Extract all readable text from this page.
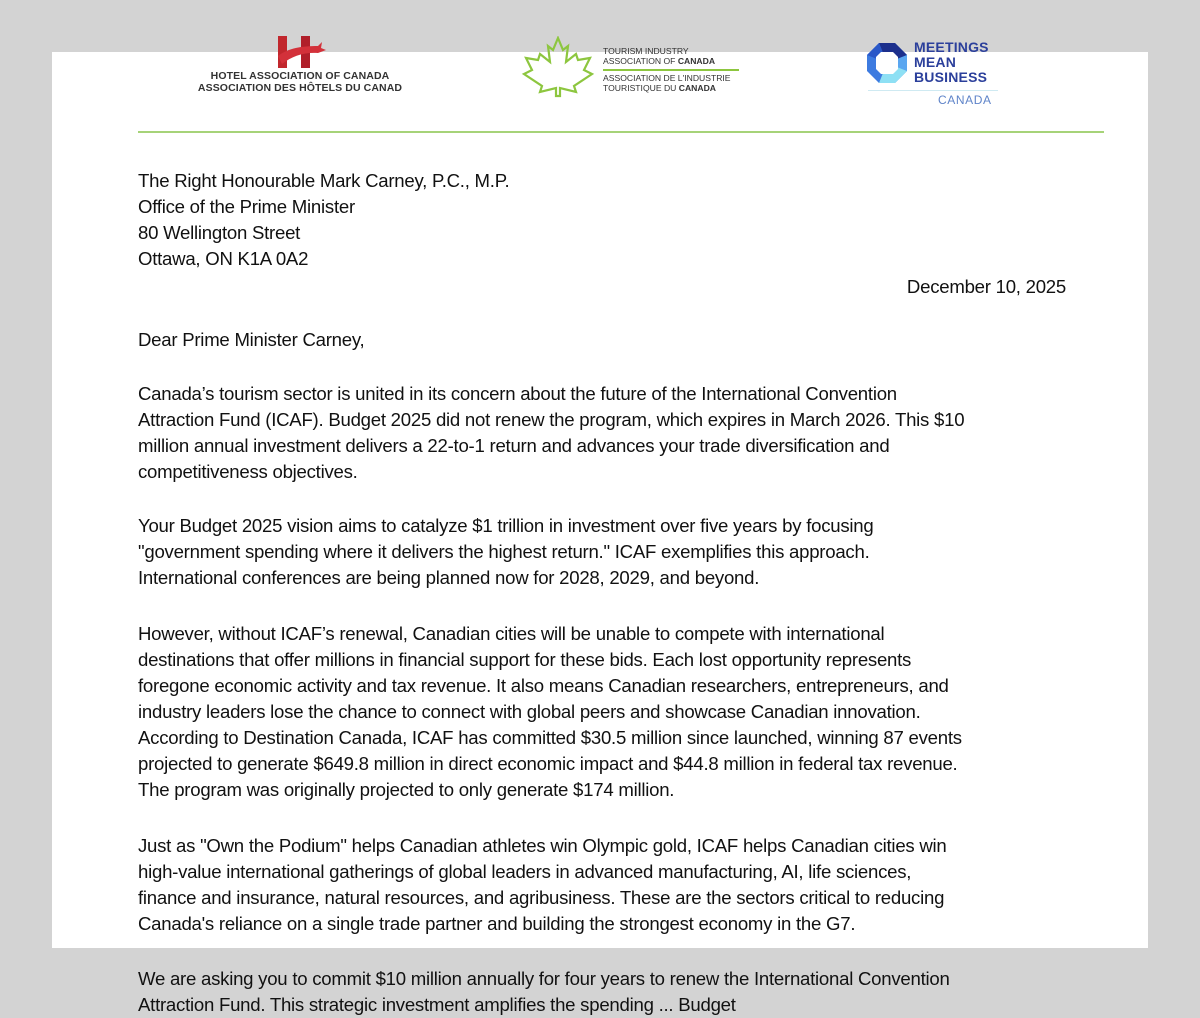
HOTEL ASSOCIATION OF CANADA
ASSOCIATION DES HÔTELS DU CANAD
TOURISM INDUSTRY
ASSOCIATION OF CANADA
ASSOCIATION DE L'INDUSTRIE
TOURISTIQUE DU CANADA
MEETINGS
MEAN
BUSINESS
CANADA

The Right Honourable Mark Carney, P.C., M.P.

Office of the Prime Minister

80 Wellington Street

Ottawa, ON K1A 0A2

December 10, 2025
Dear Prime Minister Carney,

Canada’s tourism sector is united in its concern about the future of the International Convention

Attraction Fund (ICAF). Budget 2025 did not renew the program, which expires in March 2026. This $10

million annual investment delivers a 22-to-1 return and advances your trade diversification and

competitiveness objectives.

Your Budget 2025 vision aims to catalyze $1 trillion in investment over five years by focusing

"government spending where it delivers the highest return." ICAF exemplifies this approach.

International conferences are being planned now for 2028, 2029, and beyond.

However, without ICAF’s renewal, Canadian cities will be unable to compete with international

destinations that offer millions in financial support for these bids. Each lost opportunity represents

foregone economic activity and tax revenue. It also means Canadian researchers, entrepreneurs, and

industry leaders lose the chance to connect with global peers and showcase Canadian innovation.

According to Destination Canada, ICAF has committed $30.5 million since launched, winning 87 events

projected to generate $649.8 million in direct economic impact and $44.8 million in federal tax revenue.

The program was originally projected to only generate $174 million.

Just as "Own the Podium" helps Canadian athletes win Olympic gold, ICAF helps Canadian cities win

high-value international gatherings of global leaders in advanced manufacturing, AI, life sciences,

finance and insurance, natural resources, and agribusiness. These are the sectors critical to reducing

Canada's reliance on a single trade partner and building the strongest economy in the G7.

We are asking you to commit $10 million annually for four years to renew the International Convention

Attraction Fund. This strategic investment amplifies the spending ... Budget
